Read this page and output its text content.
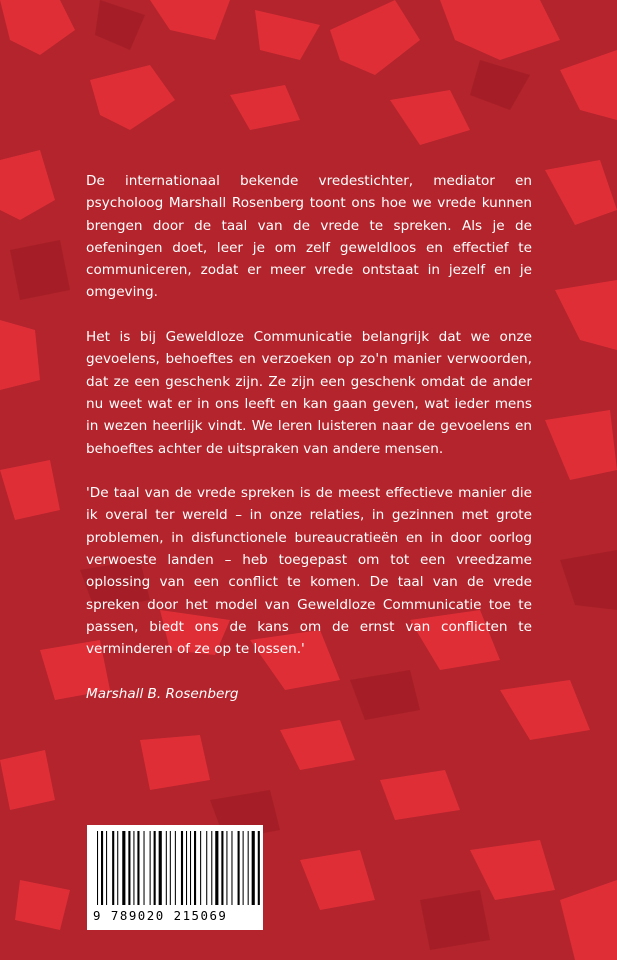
De internationaal bekende vredestichter, mediator en psycholoog Marshall Rosenberg toont ons hoe we vrede kunnen brengen door de taal van de vrede te spreken. Als je de oefeningen doet, leer je om zelf geweldloos en effectief te communiceren, zodat er meer vrede ontstaat in jezelf en je omgeving.

Het is bij Geweldloze Communicatie belangrijk dat we onze gevoelens, behoeftes en verzoeken op zo'n manier verwoorden, dat ze een geschenk zijn. Ze zijn een geschenk omdat de ander nu weet wat er in ons leeft en kan gaan geven, wat ieder mens in wezen heerlijk vindt. We leren luisteren naar de gevoelens en behoeftes achter de uitspraken van andere mensen.

'De taal van de vrede spreken is de meest effectieve manier die ik overal ter wereld – in onze relaties, in gezinnen met grote problemen, in disfunctionele bureaucratieën en in door oorlog verwoeste landen – heb toegepast om tot een vreedzame oplossing van een conflict te komen. De taal van de vrede spreken door het model van Geweldloze Communicatie toe te passen, biedt ons de kans om de ernst van conflicten te verminderen of ze op te lossen.'

Marshall B. Rosenberg

9 789020 215069
